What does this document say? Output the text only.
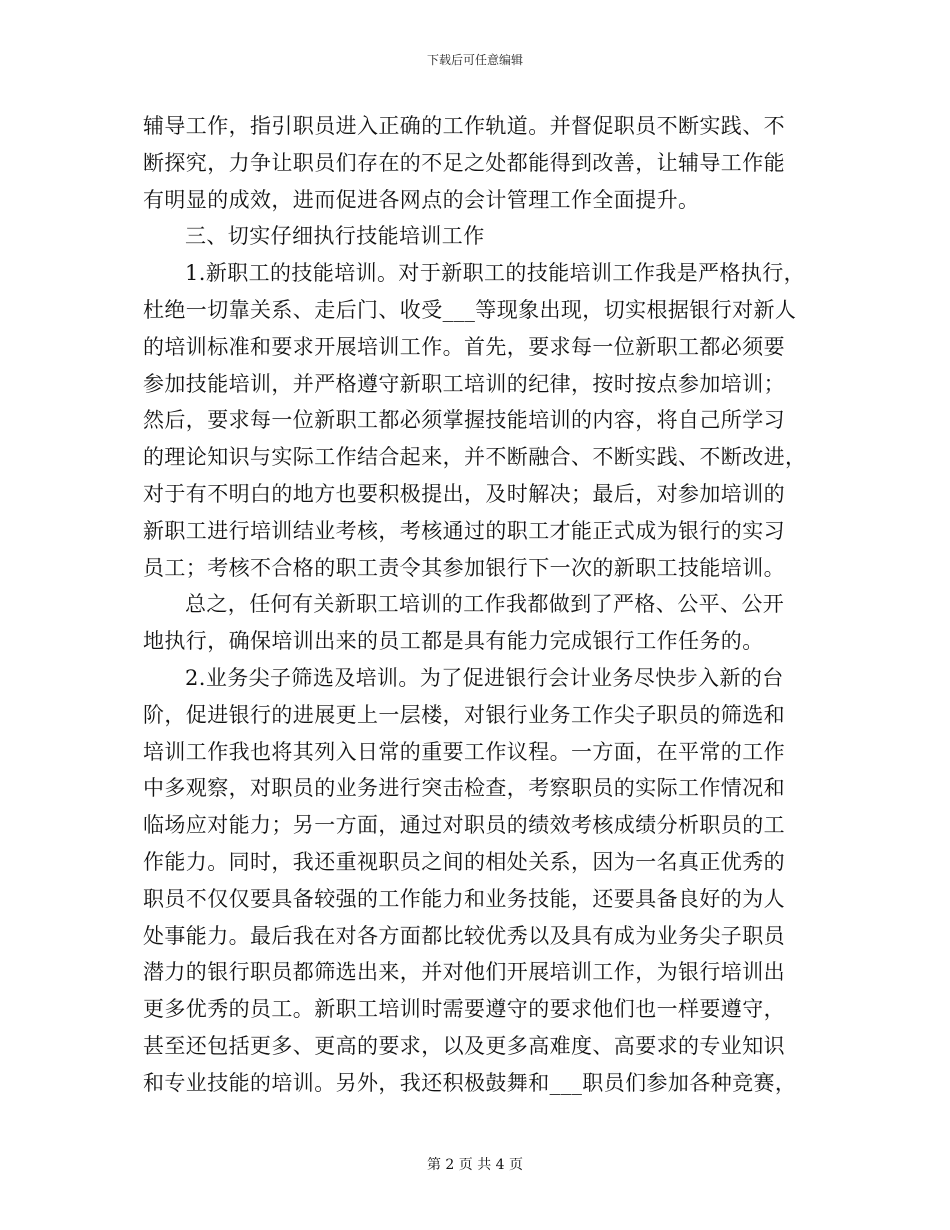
下载后可任意编辑
辅导工作，指引职员进入正确的工作轨道。并督促职员不断实践、不
断探究，力争让职员们存在的不足之处都能得到改善，让辅导工作能
有明显的成效，进而促进各网点的会计管理工作全面提升。
三、切实仔细执行技能培训工作
1.新职工的技能培训。对于新职工的技能培训工作我是严格执行，
杜绝一切靠关系、走后门、收受___等现象出现，切实根据银行对新人
的培训标准和要求开展培训工作。首先，要求每一位新职工都必须要
参加技能培训，并严格遵守新职工培训的纪律，按时按点参加培训；
然后，要求每一位新职工都必须掌握技能培训的内容，将自己所学习
的理论知识与实际工作结合起来，并不断融合、不断实践、不断改进，
对于有不明白的地方也要积极提出，及时解决；最后，对参加培训的
新职工进行培训结业考核，考核通过的职工才能正式成为银行的实习
员工；考核不合格的职工责令其参加银行下一次的新职工技能培训。
总之，任何有关新职工培训的工作我都做到了严格、公平、公开
地执行，确保培训出来的员工都是具有能力完成银行工作任务的。
2.业务尖子筛选及培训。为了促进银行会计业务尽快步入新的台
阶，促进银行的进展更上一层楼，对银行业务工作尖子职员的筛选和
培训工作我也将其列入日常的重要工作议程。一方面，在平常的工作
中多观察，对职员的业务进行突击检查，考察职员的实际工作情况和
临场应对能力；另一方面，通过对职员的绩效考核成绩分析职员的工
作能力。同时，我还重视职员之间的相处关系，因为一名真正优秀的
职员不仅仅要具备较强的工作能力和业务技能，还要具备良好的为人
处事能力。最后我在对各方面都比较优秀以及具有成为业务尖子职员
潜力的银行职员都筛选出来，并对他们开展培训工作，为银行培训出
更多优秀的员工。新职工培训时需要遵守的要求他们也一样要遵守，
甚至还包括更多、更高的要求，以及更多高难度、高要求的专业知识
和专业技能的培训。另外，我还积极鼓舞和___职员们参加各种竞赛，
第 2 页 共 4 页
